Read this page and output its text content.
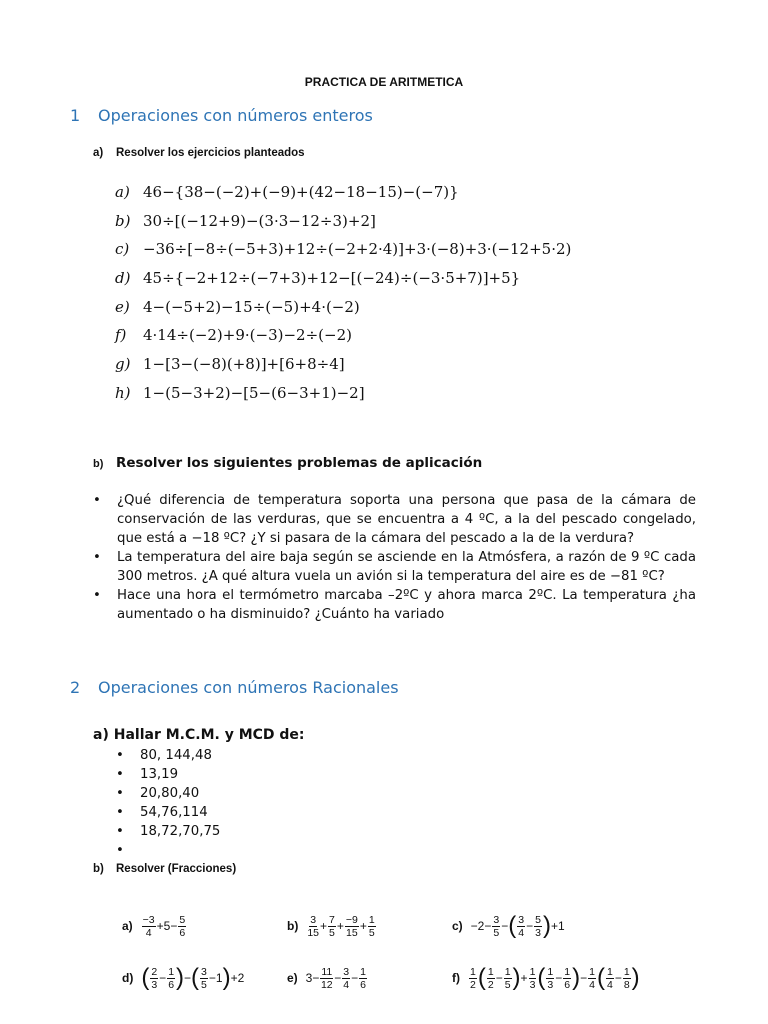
PRACTICA DE ARITMETICA
1 Operaciones con números enteros
a) Resolver los ejercicios planteados
a) 46−{38−(−2)+(−9)+(42−18−15)−(−7)}
b) 30÷[(−12+9)−(3·3−12÷3)+2]
c) −36÷[−8÷(−5+3)+12÷(−2+2·4)]+3·(−8)+3·(−12+5·2)
d) 45÷{−2+12÷(−7+3)+12−[(−24)÷(−3·5+7)]+5}
e) 4−(−5+2)−15÷(−5)+4·(−2)
f) 4·14÷(−2)+9·(−3)−2÷(−2)
g) 1−[3−(−8)(+8)]+[6+8÷4]
h) 1−(5−3+2)−[5−(6−3+1)−2]
b) Resolver los siguientes problemas de aplicación
• ¿Qué diferencia de temperatura soporta una persona que pasa de la cámara de conservación de las verduras, que se encuentra a 4 ºC, a la del pescado congelado, que está a −18 ºC? ¿Y si pasara de la cámara del pescado a la de la verdura?
• La temperatura del aire baja según se asciende en la Atmósfera, a razón de 9 ºC cada 300 metros. ¿A qué altura vuela un avión si la temperatura del aire es de −81 ºC?
• Hace una hora el termómetro marcaba –2ºC y ahora marca 2ºC. La temperatura ¿ha aumentado o ha disminuido? ¿Cuánto ha variado
2 Operaciones con números Racionales
a) Hallar M.C.M. y MCD de:
• 80, 144,48
• 13,19
• 20,80,40
• 54,76,114
• 18,72,70,75
•
b) Resolver (Fracciones)
$a) \frac{-3}{4} +5- \frac{5}{6}$	$b) \frac{3}{15} + \frac{7}{5} + \frac{-9}{15} + \frac{1}{5}$	$c) -2- \frac{3}{5}$ − ( $\frac{3}{4} - \frac{5}{3}$ ) +1
d) ( $\frac{2}{3} - \frac{1}{6}$ ) − ( $\frac{3}{5} -1$ ) +2	e) $3- \frac{11}{12} - \frac{3}{4} - \frac{1}{6}$	$f) \frac{1}{2}$ ( $\frac{1}{2} - \frac{1}{5}$ ) + $\frac{1}{3}$ ( $\frac{1}{3} - \frac{1}{6}$ ) − $\frac{1}{4}$ ( $\frac{1}{4} - \frac{1}{8}$ )
